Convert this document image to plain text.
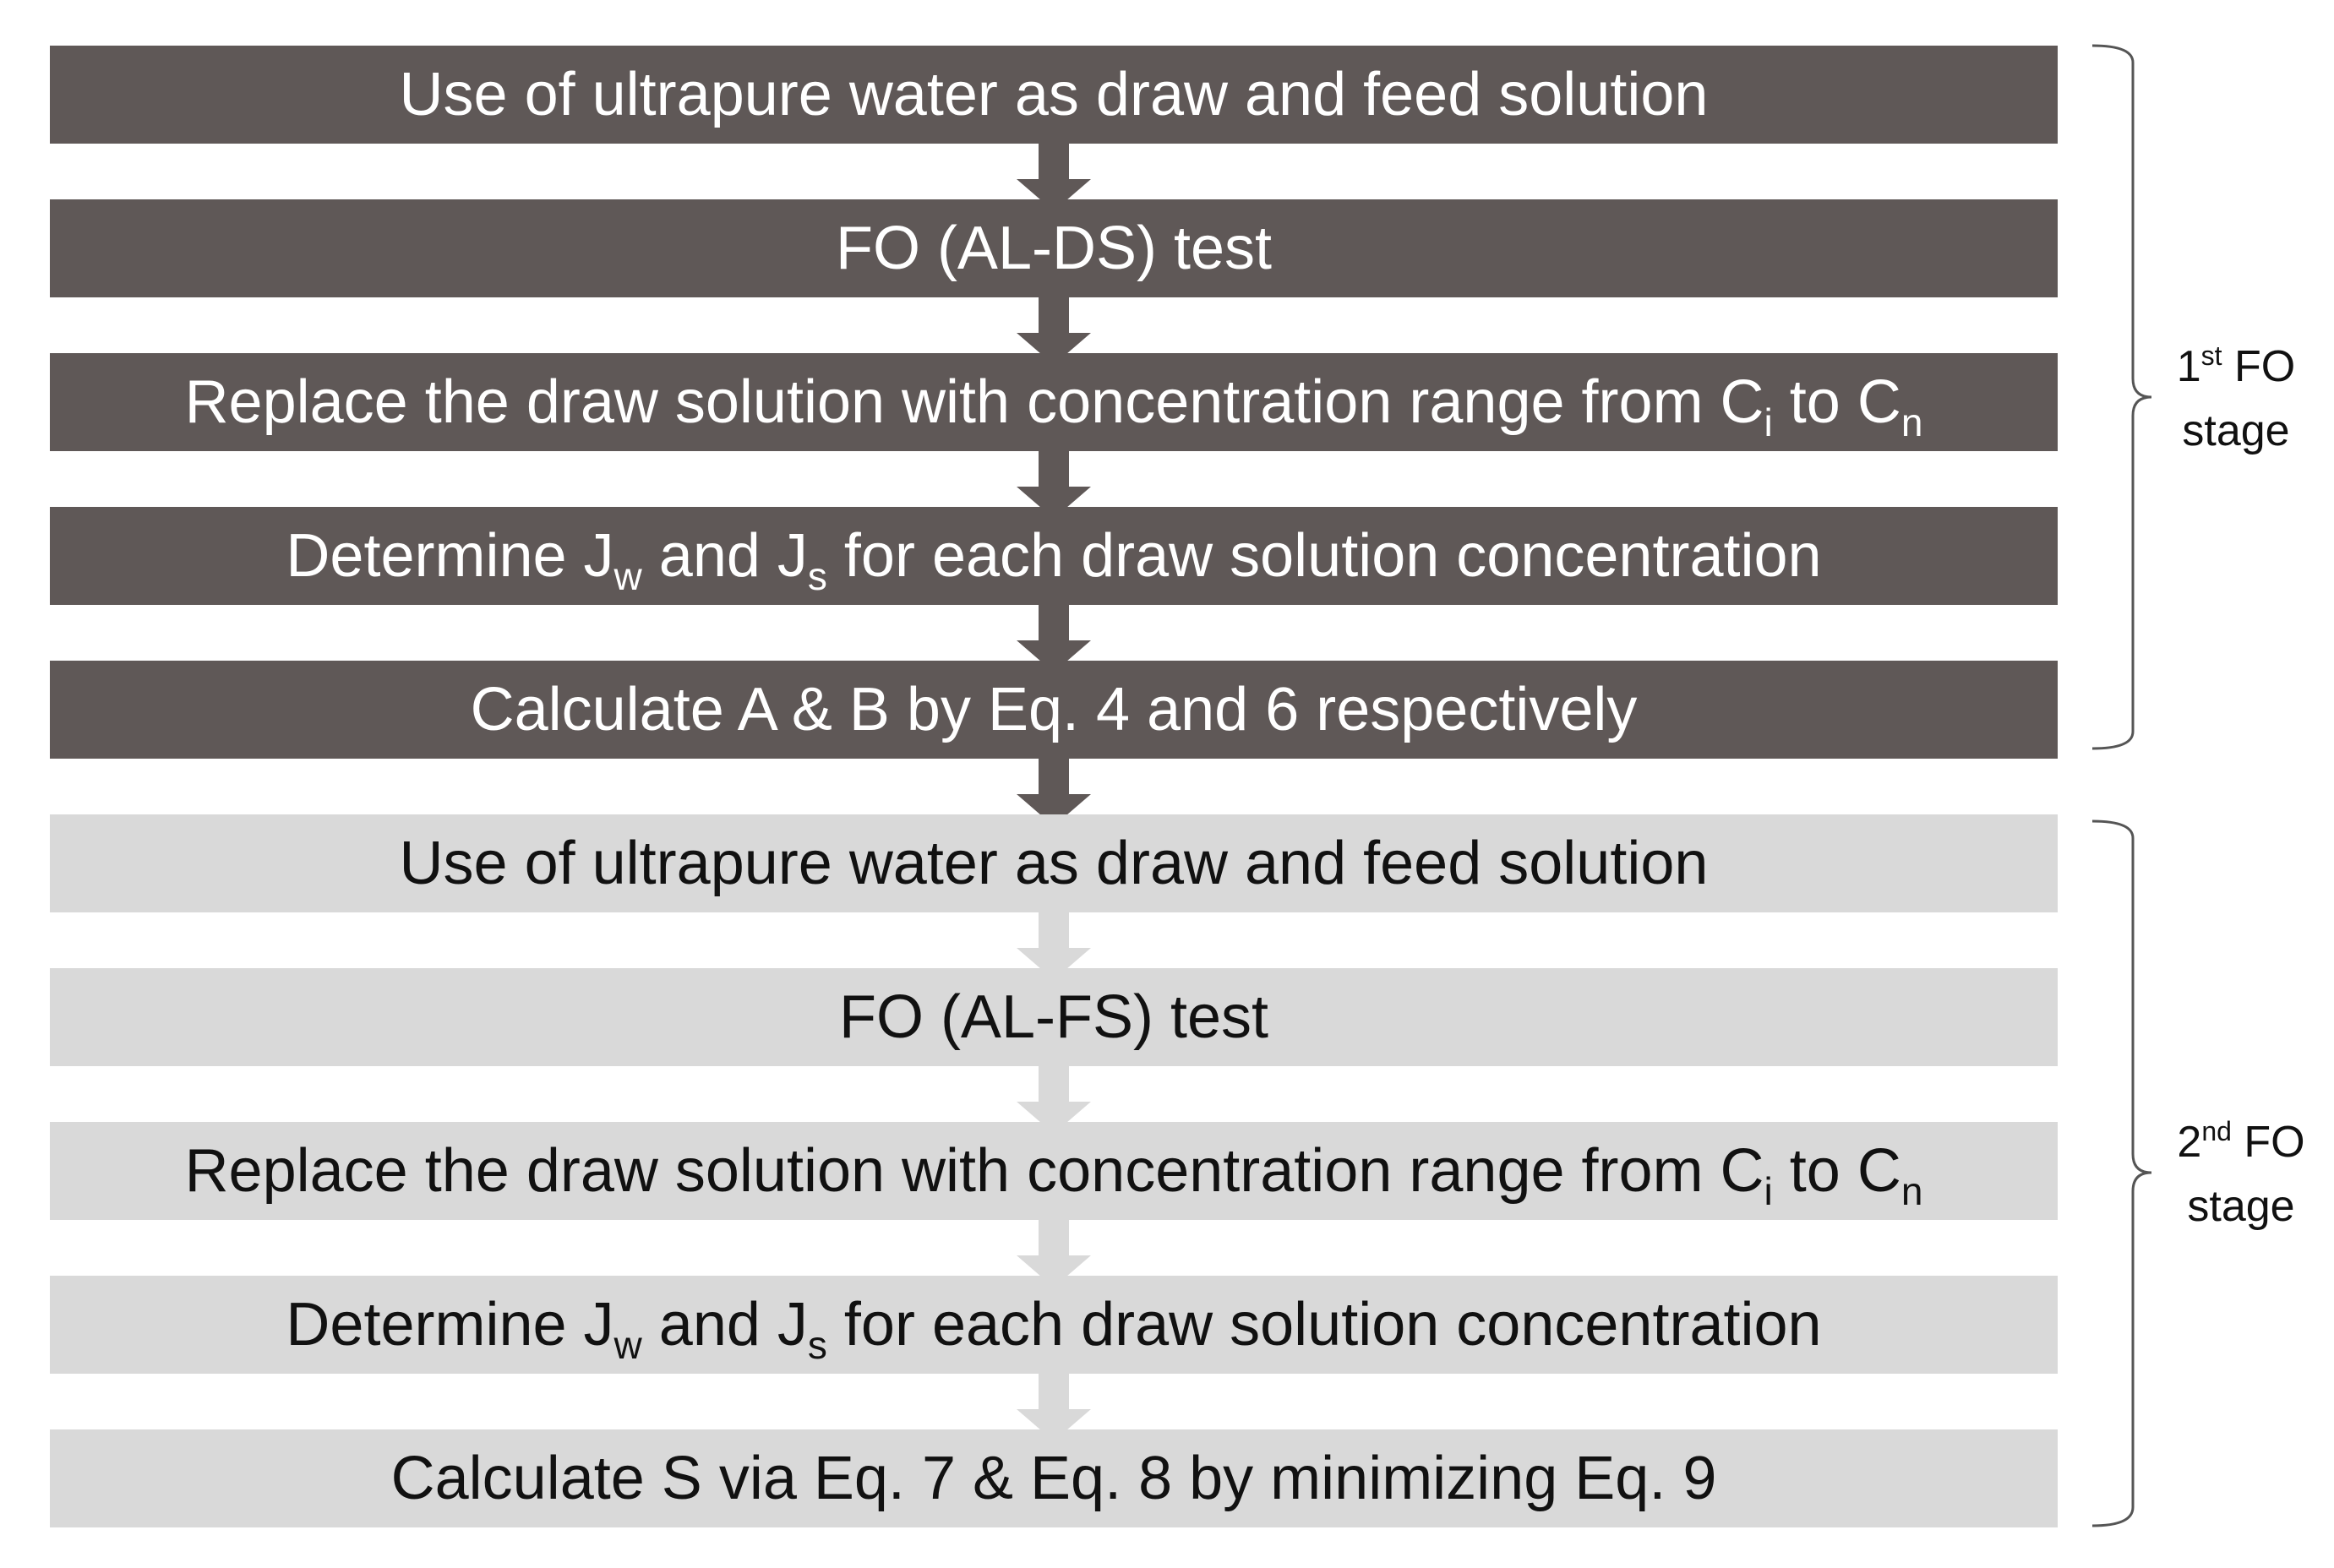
Use of ultrapure water as draw and feed solution
FO (AL-DS) test
Replace the draw solution with concentration range from $C_i$ to $C_n$
Determine $J_w$ and $J_s$ for each draw solution concentration
Calculate A & B by Eq. 4 and 6 respectively
Use of ultrapure water as draw and feed solution
FO (AL-FS) test
Replace the draw solution with concentration range from $C_i$ to $C_n$
Determine $J_w$ and $J_s$ for each draw solution concentration
Calculate S via Eq. 7 & Eq. 8 by minimizing Eq. 9
1st FO
stage
2nd FO
stage
